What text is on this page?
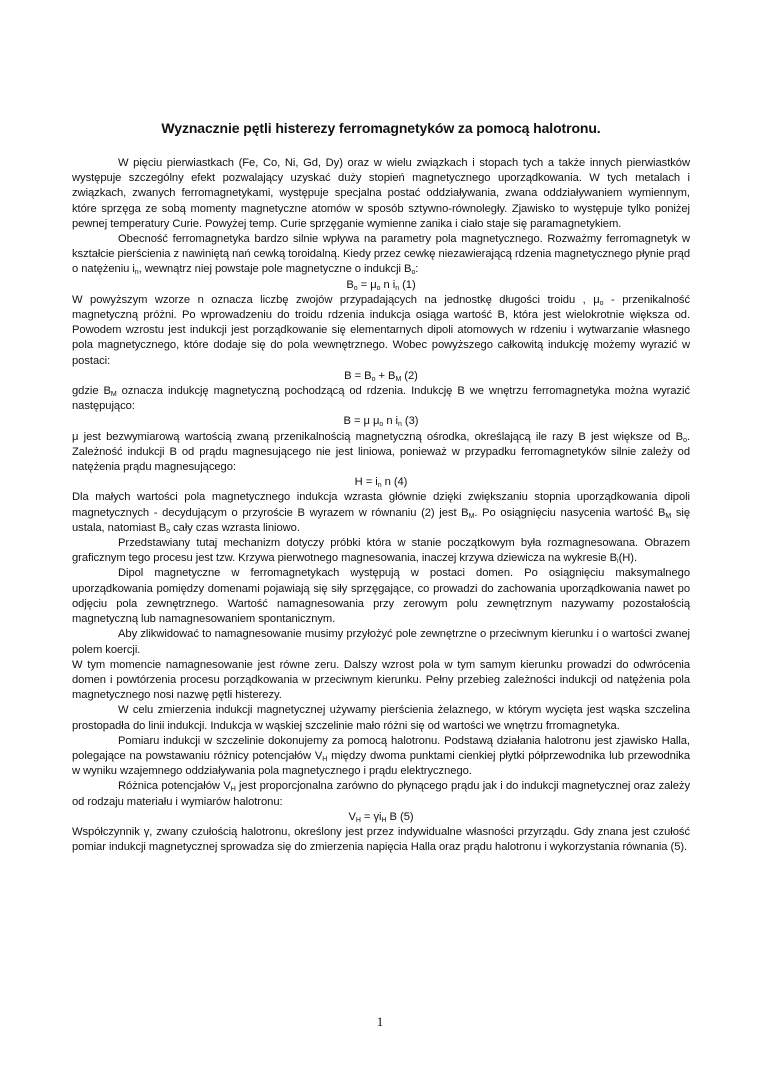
Wyznacznie pętli histerezy ferromagnetyków za pomocą halotronu.

W pięciu pierwiastkach (Fe, Co, Ni, Gd, Dy) oraz w wielu związkach i stopach tych a także innych pierwiastków występuje szczególny efekt pozwalający uzyskać duży stopień magnetycznego uporządkowania. W tych metalach i związkach, zwanych ferromagnetykami, występuje specjalna postać oddziaływania, zwana oddziaływaniem wymiennym, które sprzęga ze sobą momenty magnetyczne atomów w sposób sztywno-równoległy. Zjawisko to występuje tylko poniżej pewnej temperatury Curie. Powyżej temp. Curie sprzęganie wymienne zanika i ciało staje się paramagnetykiem.

Obecność ferromagnetyka bardzo silnie wpływa na parametry pola magnetycznego. Rozważmy ferromagnetyk w kształcie pierścienia z nawiniętą nań cewką toroidalną. Kiedy przez cewkę niezawierającą rdzenia magnetycznego płynie prąd o natężeniu $i_n$, wewnątrz niej powstaje pole magnetyczne o indukcji $B_o$:

$B_o = \mu_o$ n $i_n$ (1)

W powyższym wzorze n oznacza liczbę zwojów przypadających na jednostkę długości troidu , $\mu_o$ - przenikalność magnetyczną próżni. Po wprowadzeniu do troidu rdzenia indukcja osiąga wartość B, która jest wielokrotnie większa od. Powodem wzrostu jest indukcji jest porządkowanie się elementarnych dipoli atomowych w rdzeniu i wytwarzanie własnego pola magnetycznego, które dodaje się do pola wewnętrznego. Wobec powyższego całkowitą indukcję możemy wyrazić w postaci:

$B = B_o + B_M$ (2)

gdzie $B_M$ oznacza indukcję magnetyczną pochodzącą od rdzenia. Indukcję B we wnętrzu ferromagnetyka można wyrazić następująco:

B = μ $\mu_o$ n $i_n$ (3)

μ jest bezwymiarową wartością zwaną przenikalnością magnetyczną ośrodka, określającą ile razy B jest większe od $B_o$. Zależność indukcji B od prądu magnesującego nie jest liniowa, ponieważ w przypadku ferromagnetyków silnie zależy od natężenia prądu magnesującego:

$H = i_n$ n (4)

Dla małych wartości pola magnetycznego indukcja wzrasta głównie dzięki zwiększaniu stopnia uporządkowania dipoli magnetycznych - decydującym o przyroście B wyrazem w równaniu (2) jest $B_M$. Po osiągnięciu nasycenia wartość $B_M$ się ustala, natomiast $B_o$ cały czas wzrasta liniowo.

Przedstawiany tutaj mechanizm dotyczy próbki która w stanie początkowym była rozmagnesowana. Obrazem graficznym tego procesu jest tzw. Krzywa pierwotnego magnesowania, inaczej krzywa dziewicza na wykresie $B_i(H)$.

Dipol magnetyczne w ferromagnetykach występują w postaci domen. Po osiągnięciu maksymalnego uporządkowania pomiędzy domenami pojawiają się siły sprzęgające, co prowadzi do zachowania uporządkowania nawet po odjęciu pola zewnętrznego. Wartość namagnesowania przy zerowym polu zewnętrznym nazywamy pozostałością magnetyczną lub namagnesowaniem spontanicznym.

Aby zlikwidować to namagnesowanie musimy przyłożyć pole zewnętrzne o przeciwnym kierunku i o wartości zwanej polem koercji.

W tym momencie namagnesowanie jest równe zeru. Dalszy wzrost pola w tym samym kierunku prowadzi do odwrócenia domen i powtórzenia procesu porządkowania w przeciwnym kierunku. Pełny przebieg zależności indukcji od natężenia pola magnetycznego nosi nazwę pętli histerezy.

W celu zmierzenia indukcji magnetycznej używamy pierścienia żelaznego, w którym wycięta jest wąska szczelina prostopadła do linii indukcji. Indukcja w wąskiej szczelinie mało różni się od wartości we wnętrzu frromagnetyka.

Pomiaru indukcji w szczelinie dokonujemy za pomocą halotronu. Podstawą działania halotronu jest zjawisko Halla, polegające na powstawaniu różnicy potencjałów $V_H$ między dwoma punktami cienkiej płytki półprzewodnika lub przewodnika w wyniku wzajemnego oddziaływania pola magnetycznego i prądu elektrycznego.

Różnica potencjałów $V_H$ jest proporcjonalna zarówno do płynącego prądu jak i do indukcji magnetycznej oraz zależy od rodzaju materiału i wymiarów halotronu:

$V_H = \gamma i_H$ B (5)

Współczynnik γ, zwany czułością halotronu, określony jest przez indywidualne własności przyrządu. Gdy znana jest czułość pomiar indukcji magnetycznej sprowadza się do zmierzenia napięcia Halla oraz prądu halotronu i wykorzystania równania (5).

1
